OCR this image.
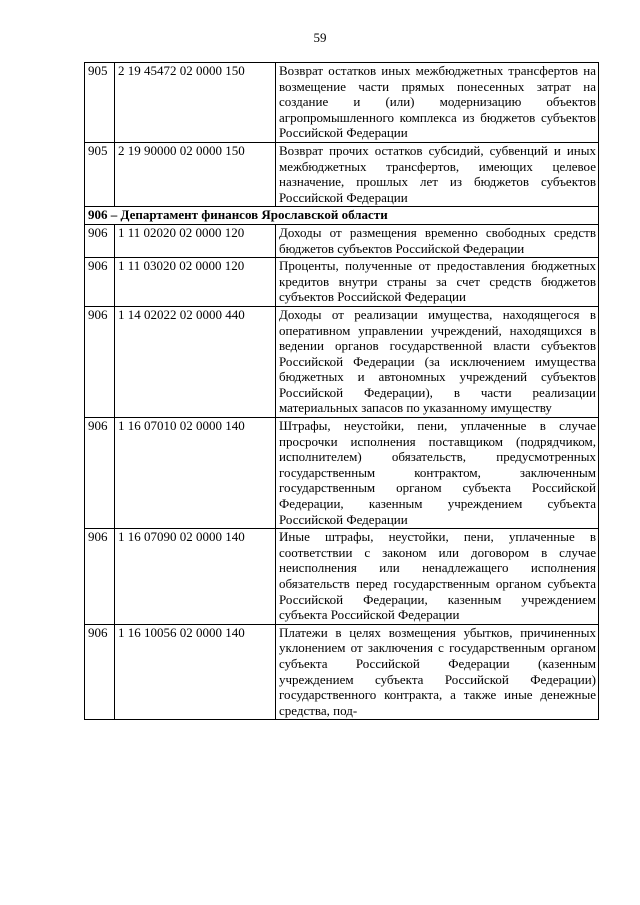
59
905	2 19 45472 02 0000 150	Возврат остатков иных межбюджетных трансфертов на возмещение части прямых понесенных затрат на создание и (или) модернизацию объектов агропромышленного комплекса из бюджетов субъектов Российской Федерации
905	2 19 90000 02 0000 150	Возврат прочих остатков субсидий, субвенций и иных межбюджетных трансфертов, имеющих целевое назначение, прошлых лет из бюджетов субъектов Российской Федерации
906 – Департамент финансов Ярославской области		
906	1 11 02020 02 0000 120	Доходы от размещения временно свободных средств бюджетов субъектов Российской Федерации
906	1 11 03020 02 0000 120	Проценты, полученные от предоставления бюджетных кредитов внутри страны за счет средств бюджетов субъектов Российской Федерации
906	1 14 02022 02 0000 440	Доходы от реализации имущества, находящегося в оперативном управлении учреждений, находящихся в ведении органов государственной власти субъектов Российской Федерации (за исключением имущества бюджетных и автономных учреждений субъектов Российской Федерации), в части реализации материальных запасов по указанному имуществу
906	1 16 07010 02 0000 140	Штрафы, неустойки, пени, уплаченные в случае просрочки исполнения поставщиком (подрядчиком, исполнителем) обязательств, предусмотренных государственным контрактом, заключенным государственным органом субъекта Российской Федерации, казенным учреждением субъекта Российской Федерации
906	1 16 07090 02 0000 140	Иные штрафы, неустойки, пени, уплаченные в соответствии с законом или договором в случае неисполнения или ненадлежащего исполнения обязательств перед государственным органом субъекта Российской Федерации, казенным учреждением субъекта Российской Федерации
906	1 16 10056 02 0000 140	Платежи в целях возмещения убытков, причиненных уклонением от заключения с государственным органом субъекта Российской Федерации (казенным учреждением субъекта Российской Федерации) государственного контракта, а также иные денежные средства, под-
